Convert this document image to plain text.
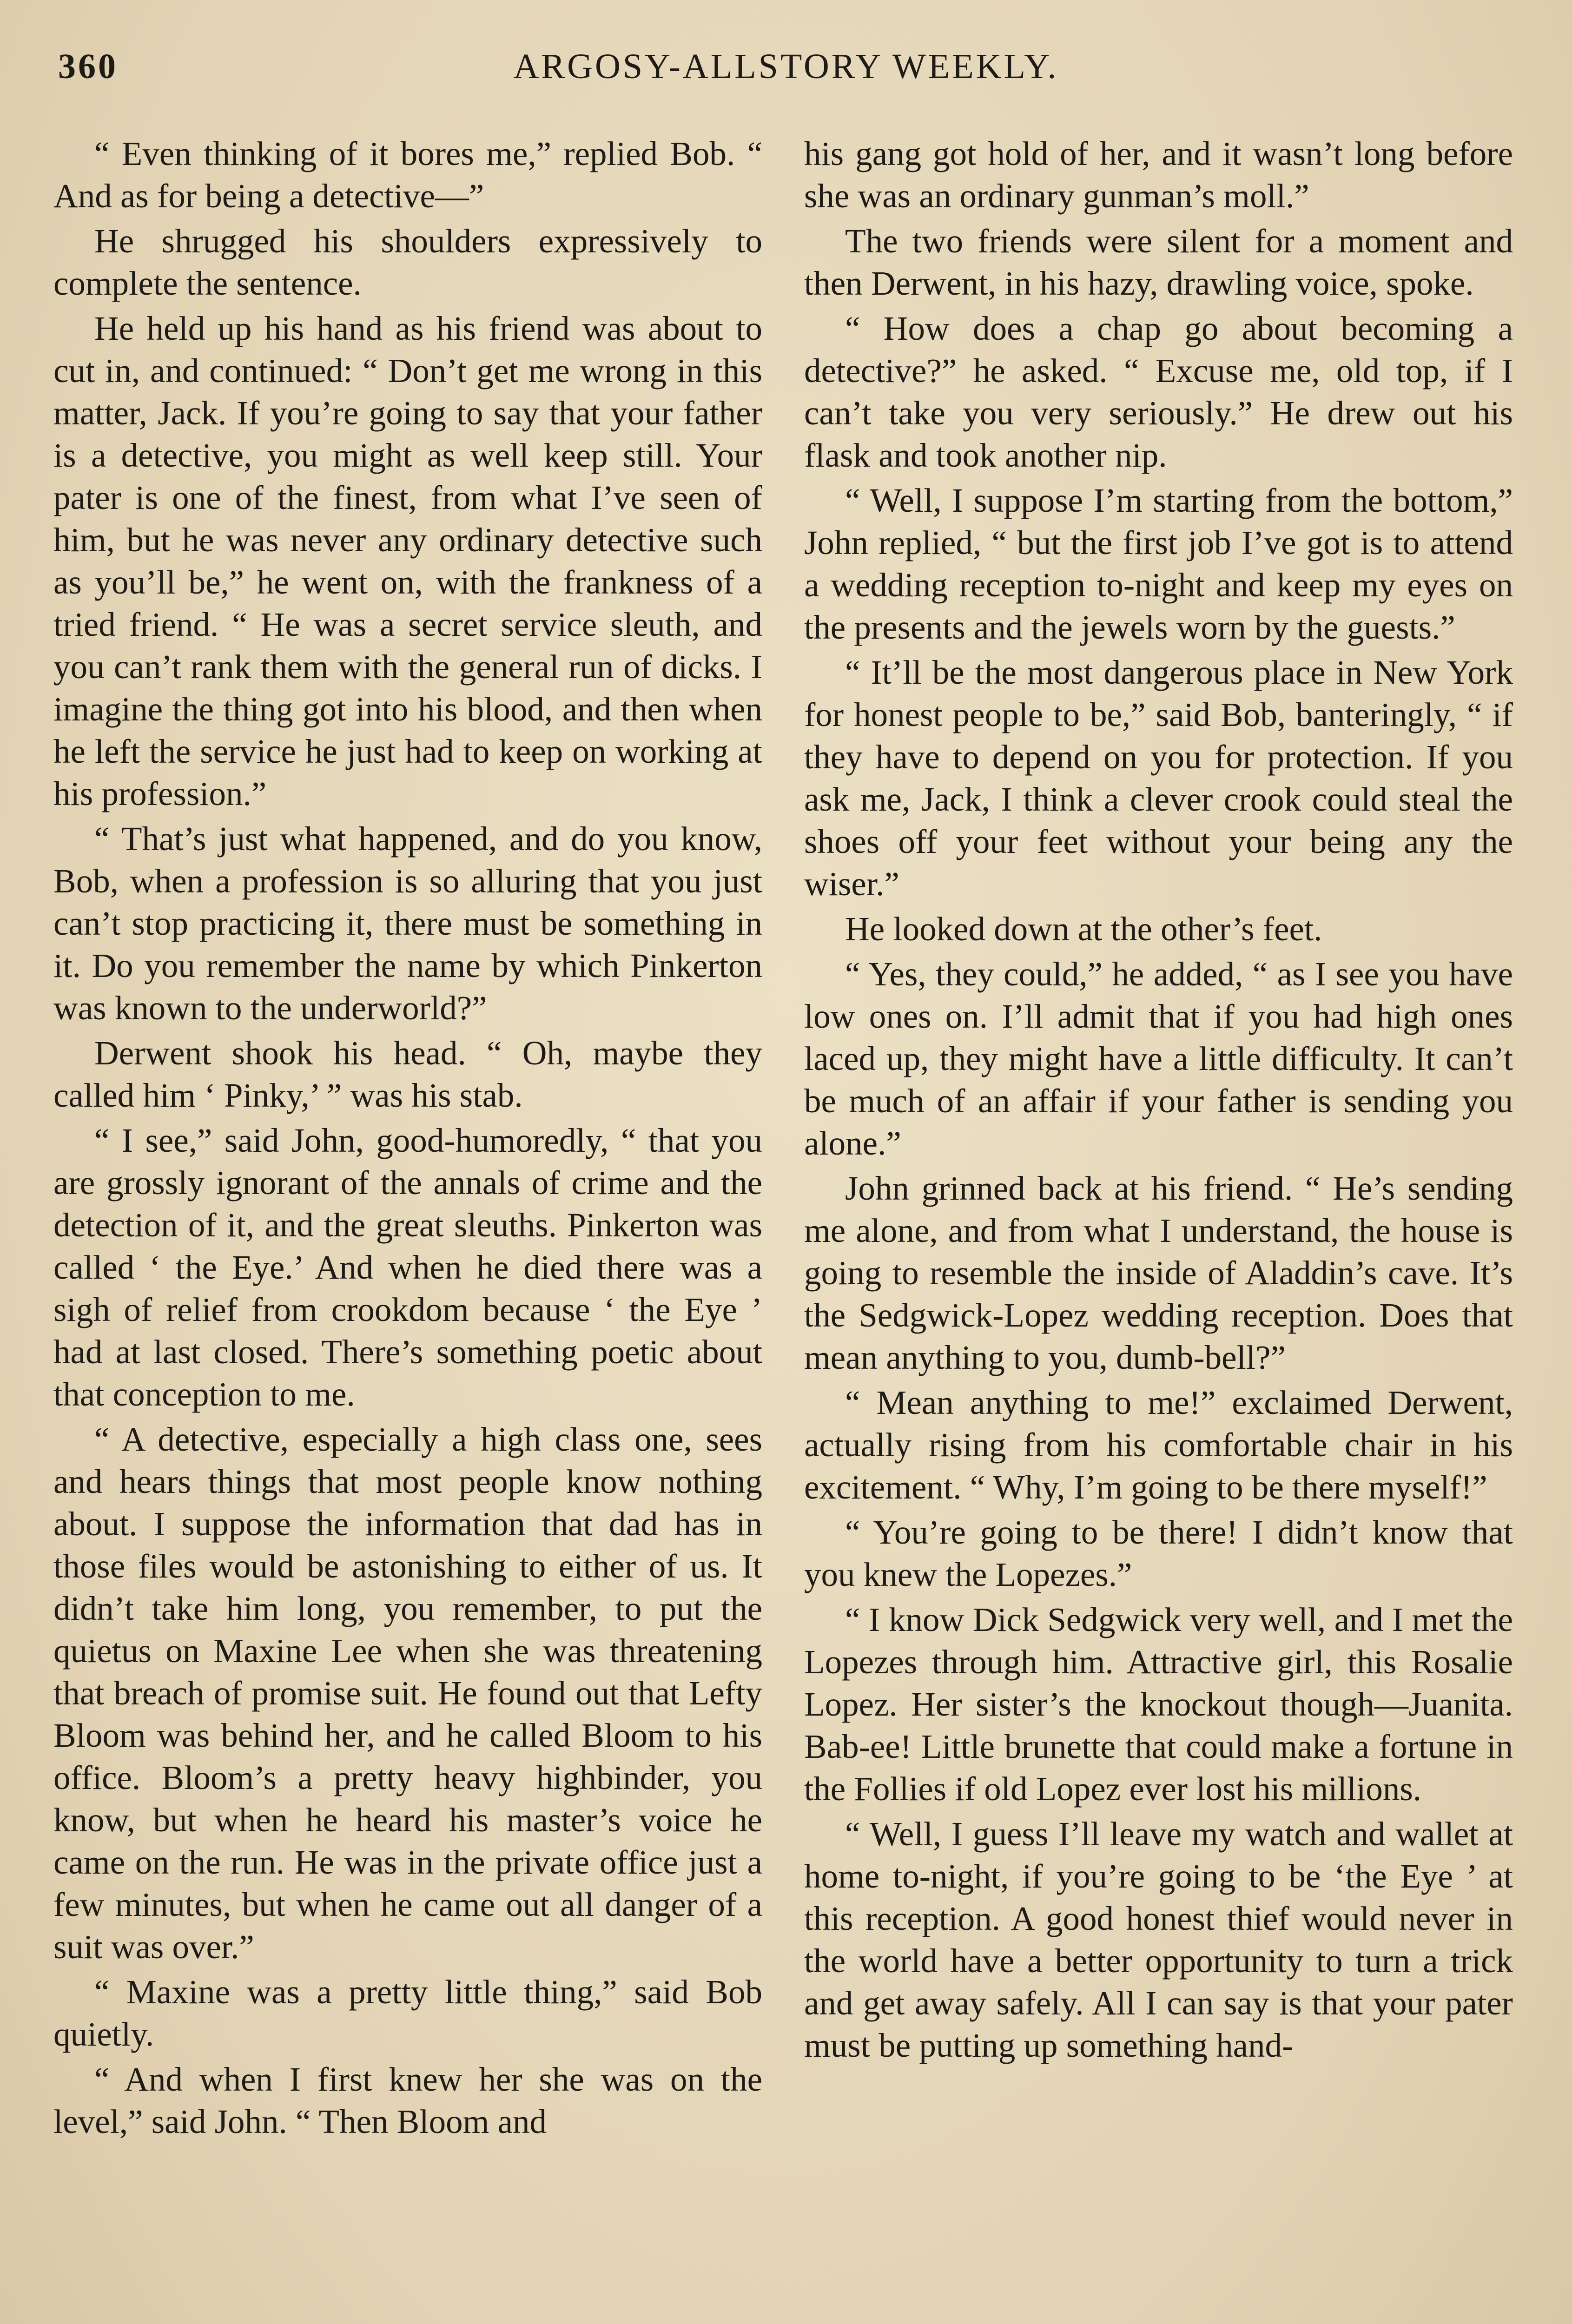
360	ARGOSY-ALLSTORY WEEKLY.

“ Even thinking of it bores me,” replied Bob. “ And as for being a detective—”

He shrugged his shoulders expressively to complete the sentence.

He held up his hand as his friend was about to cut in, and continued: “ Don’t get me wrong in this matter, Jack. If you’re going to say that your father is a detective, you might as well keep still. Your pater is one of the finest, from what I’ve seen of him, but he was never any ordinary detective such as you’ll be,” he went on, with the frankness of a tried friend. “ He was a secret service sleuth, and you can’t rank them with the general run of dicks. I imagine the thing got into his blood, and then when he left the service he just had to keep on working at his profession.”

“ That’s just what happened, and do you know, Bob, when a profession is so alluring that you just can’t stop practicing it, there must be something in it. Do you remember the name by which Pinkerton was known to the underworld?”

Derwent shook his head. “ Oh, maybe they called him ‘ Pinky,’ ” was his stab.

“ I see,” said John, good-humoredly, “ that you are grossly ignorant of the annals of crime and the detection of it, and the great sleuths. Pinkerton was called ‘ the Eye.’ And when he died there was a sigh of relief from crookdom because ‘ the Eye ’ had at last closed. There’s something poetic about that conception to me.

“ A detective, especially a high class one, sees and hears things that most people know nothing about. I suppose the information that dad has in those files would be astonishing to either of us. It didn’t take him long, you remember, to put the quietus on Maxine Lee when she was threatening that breach of promise suit. He found out that Lefty Bloom was behind her, and he called Bloom to his office. Bloom’s a pretty heavy highbinder, you know, but when he heard his master’s voice he came on the run. He was in the private office just a few minutes, but when he came out all danger of a suit was over.”

“ Maxine was a pretty little thing,” said Bob quietly.

“ And when I first knew her she was on the level,” said John. “ Then Bloom and

his gang got hold of her, and it wasn’t long before she was an ordinary gunman’s moll.”

The two friends were silent for a moment and then Derwent, in his hazy, drawling voice, spoke.

“ How does a chap go about becoming a detective?” he asked. “ Excuse me, old top, if I can’t take you very seriously.” He drew out his flask and took another nip.

“ Well, I suppose I’m starting from the bottom,” John replied, “ but the first job I’ve got is to attend a wedding reception to-night and keep my eyes on the presents and the jewels worn by the guests.”

“ It’ll be the most dangerous place in New York for honest people to be,” said Bob, banteringly, “ if they have to depend on you for protection. If you ask me, Jack, I think a clever crook could steal the shoes off your feet without your being any the wiser.”

He looked down at the other’s feet.

“ Yes, they could,” he added, “ as I see you have low ones on. I’ll admit that if you had high ones laced up, they might have a little difficulty. It can’t be much of an affair if your father is sending you alone.”

John grinned back at his friend. “ He’s sending me alone, and from what I understand, the house is going to resemble the inside of Aladdin’s cave. It’s the Sedgwick-Lopez wedding reception. Does that mean anything to you, dumb-bell?”

“ Mean anything to me!” exclaimed Derwent, actually rising from his comfortable chair in his excitement. “ Why, I’m going to be there myself!”

“ You’re going to be there! I didn’t know that you knew the Lopezes.”

“ I know Dick Sedgwick very well, and I met the Lopezes through him. Attractive girl, this Rosalie Lopez. Her sister’s the knockout though—Juanita. Bab-ee! Little brunette that could make a fortune in the Follies if old Lopez ever lost his millions.

“ Well, I guess I’ll leave my watch and wallet at home to-night, if you’re going to be ‘the Eye ’ at this reception. A good honest thief would never in the world have a better opportunity to turn a trick and get away safely. All I can say is that your pater must be putting up something hand-
